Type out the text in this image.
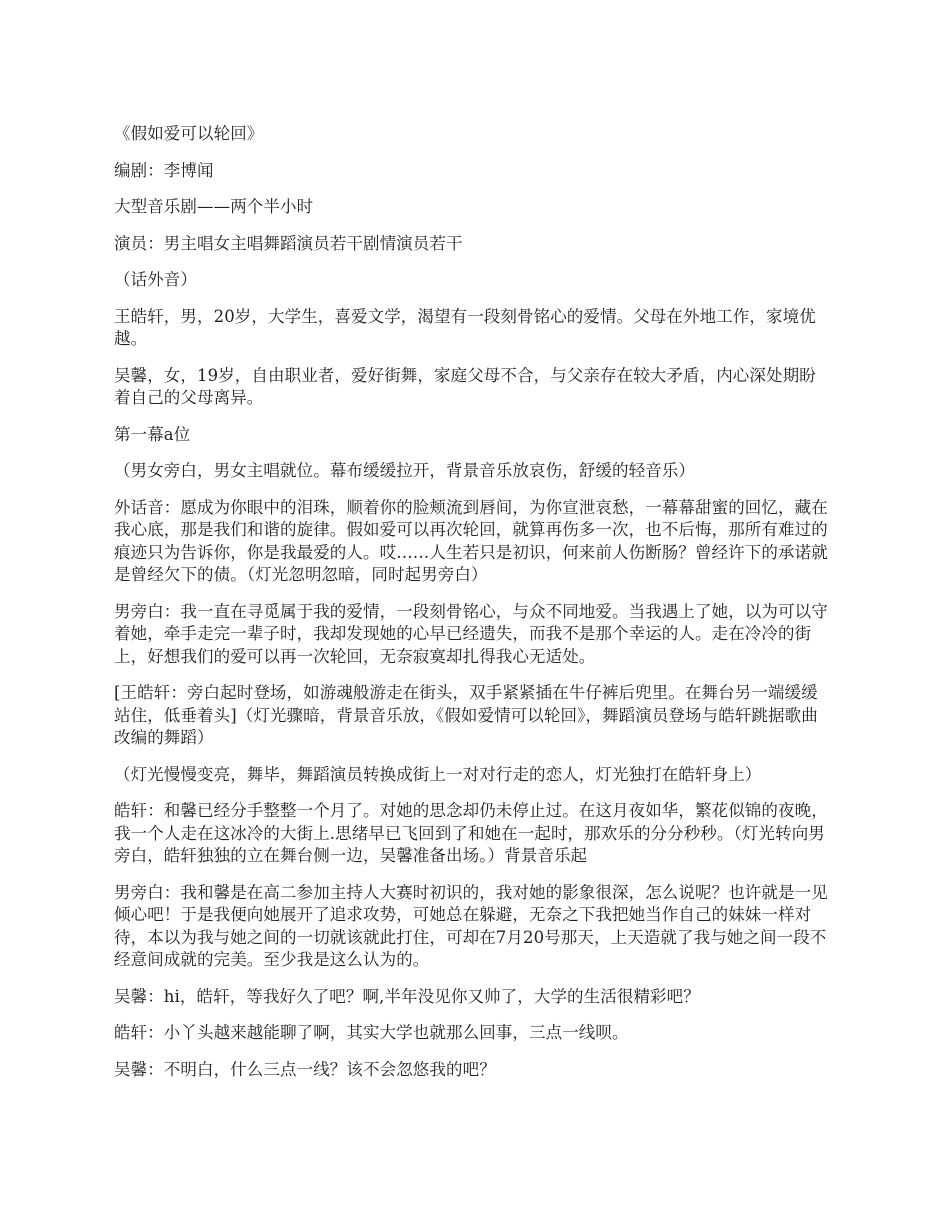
《假如爱可以轮回》

编剧：李博闻

大型音乐剧——两个半小时

演员：男主唱女主唱舞蹈演员若干剧情演员若干

（话外音）

王皓轩，男，20岁，大学生，喜爱文学，渴望有一段刻骨铭心的爱情。父母在外地工作，家境优越。

吴馨，女，19岁，自由职业者，爱好街舞，家庭父母不合，与父亲存在较大矛盾，内心深处期盼着自己的父母离异。

第一幕a位

（男女旁白，男女主唱就位。幕布缓缓拉开，背景音乐放哀伤，舒缓的轻音乐）

外话音：愿成为你眼中的泪珠，顺着你的脸颊流到唇间，为你宣泄哀愁，一幕幕甜蜜的回忆，藏在我心底，那是我们和谐的旋律。假如爱可以再次轮回，就算再伤多一次，也不后悔，那所有难过的痕迹只为告诉你，你是我最爱的人。哎……人生若只是初识，何来前人伤断肠？曾经许下的承诺就是曾经欠下的债。（灯光忽明忽暗，同时起男旁白）

男旁白：我一直在寻觅属于我的爱情，一段刻骨铭心，与众不同地爱。当我遇上了她，以为可以守着她，牵手走完一辈子时，我却发现她的心早已经遗失，而我不是那个幸运的人。走在冷冷的街上，好想我们的爱可以再一次轮回，无奈寂寞却扎得我心无适处。

[王皓轩：旁白起时登场，如游魂般游走在街头，双手紧紧插在牛仔裤后兜里。在舞台另一端缓缓站住，低垂着头]（灯光骤暗，背景音乐放，《假如爱情可以轮回》，舞蹈演员登场与皓轩跳据歌曲改编的舞蹈）

（灯光慢慢变亮，舞毕，舞蹈演员转换成街上一对对行走的恋人，灯光独打在皓轩身上）

皓轩：和馨已经分手整整一个月了。对她的思念却仍未停止过。在这月夜如华，繁花似锦的夜晚，我一个人走在这冰冷的大街上.思绪早已飞回到了和她在一起时，那欢乐的分分秒秒。（灯光转向男旁白，皓轩独独的立在舞台侧一边，吴馨准备出场。）背景音乐起

男旁白：我和馨是在高二参加主持人大赛时初识的，我对她的影象很深，怎么说呢？也许就是一见倾心吧！于是我便向她展开了追求攻势，可她总在躲避，无奈之下我把她当作自己的妹妹一样对待，本以为我与她之间的一切就该就此打住，可却在7月20号那天，上天造就了我与她之间一段不经意间成就的完美。至少我是这么认为的。

吴馨：hi，皓轩，等我好久了吧？啊,半年没见你又帅了，大学的生活很精彩吧？

皓轩：小丫头越来越能聊了啊，其实大学也就那么回事，三点一线呗。

吴馨：不明白，什么三点一线？该不会忽悠我的吧？
